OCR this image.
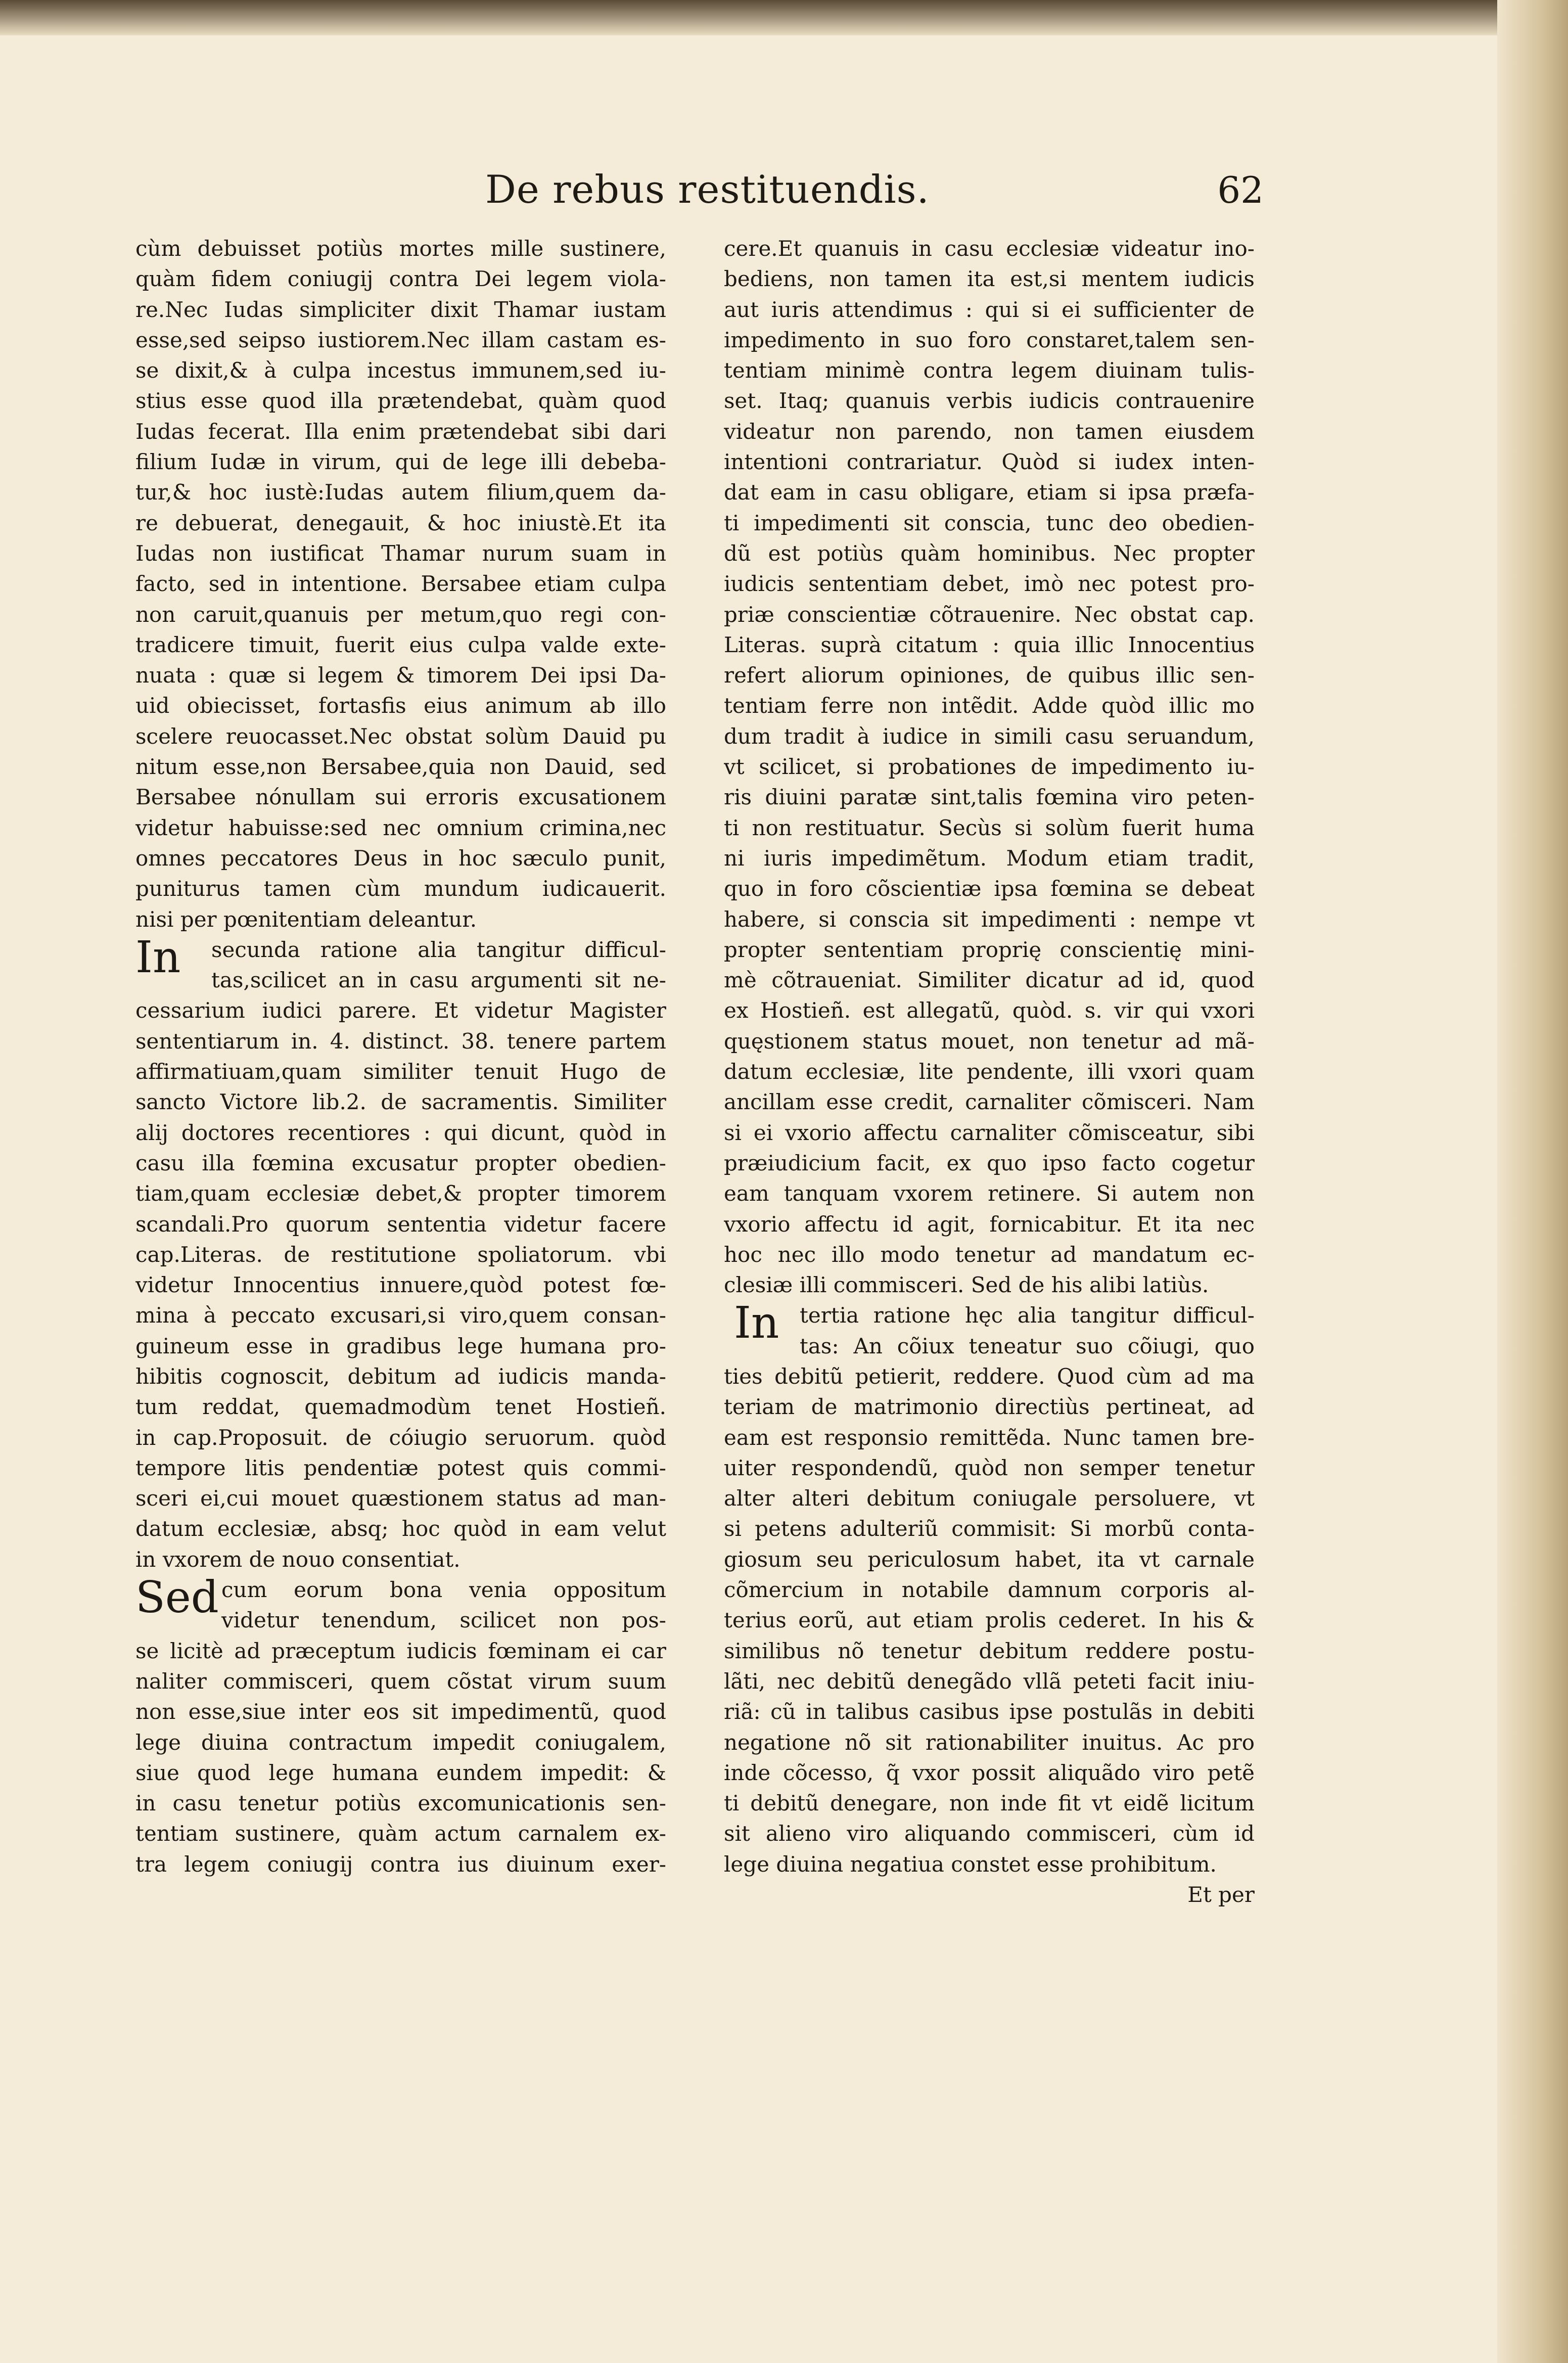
De rebus restituendis.	62
cùm debuisset potiùs mortes mille sustinere,
quàm fidem coniugij contra Dei legem viola-
re.Nec Iudas simpliciter dixit Thamar iustam
esse,sed seipso iustiorem.Nec illam castam es-
se dixit,& à culpa incestus immunem,sed iu-
stius esse quod illa prætendebat, quàm quod
Iudas fecerat. Illa enim prætendebat sibi dari
filium Iudæ in virum, qui de lege illi debeba-
tur,& hoc iustè:Iudas autem filium,quem da-
re debuerat, denegauit, & hoc iniustè.Et ita
Iudas non iustificat Thamar nurum suam in
facto, sed in intentione. Bersabee etiam culpa
non caruit,quanuis per metum,quo regi con-
tradicere timuit, fuerit eius culpa valde exte-
nuata : quæ si legem & timorem Dei ipsi Da-
uid obiecisset, fortasfis eius animum ab illo
scelere reuocasset.Nec obstat solùm Dauid pu
nitum esse,non Bersabee,quia non Dauid, sed
Bersabee nónullam sui erroris excusationem
videtur habuisse:sed nec omnium crimina,nec
omnes peccatores Deus in hoc sæculo punit,
puniturus tamen cùm mundum iudicauerit.
nisi per pœnitentiam deleantur.
In	secunda ratione alia tangitur difficul-
tas,scilicet an in casu argumenti sit ne-
cessarium iudici parere. Et videtur Magister
sententiarum in. 4. distinct. 38. tenere partem
affirmatiuam,quam similiter tenuit Hugo de
sancto Victore lib.2. de sacramentis. Similiter
alij doctores recentiores : qui dicunt, quòd in
casu illa fœmina excusatur propter obedien-
tiam,quam ecclesiæ debet,& propter timorem
scandali.Pro quorum sententia videtur facere
cap.Literas. de restitutione spoliatorum. vbi
videtur Innocentius innuere,quòd potest fœ-
mina à peccato excusari,si viro,quem consan-
guineum esse in gradibus lege humana pro-
hibitis cognoscit, debitum ad iudicis manda-
tum reddat, quemadmodùm tenet Hostieñ.
in cap.Proposuit. de cóiugio seruorum. quòd
tempore litis pendentiæ potest quis commi-
sceri ei,cui mouet quæstionem status ad man-
datum ecclesiæ, absq; hoc quòd in eam velut
in vxorem de nouo consentiat.
Sed cum eorum bona venia oppositum
videtur tenendum, scilicet non pos-
se licitè ad præceptum iudicis fœminam ei car
naliter commisceri, quem cõstat virum suum
non esse,siue inter eos sit impedimentũ, quod
lege diuina contractum impedit coniugalem,
siue quod lege humana eundem impedit: &
in casu tenetur potiùs excomunicationis sen-
tentiam sustinere, quàm actum carnalem ex-
tra legem coniugij contra ius diuinum exer-
cere.Et quanuis in casu ecclesiæ videatur ino-
bediens, non tamen ita est,si mentem iudicis
aut iuris attendimus : qui si ei sufficienter de
impedimento in suo foro constaret,talem sen-
tentiam minimè contra legem diuinam tulis-
set. Itaq; quanuis verbis iudicis contrauenire
videatur non parendo, non tamen eiusdem
intentioni contrariatur. Quòd si iudex inten-
dat eam in casu obligare, etiam si ipsa præfa-
ti impedimenti sit conscia, tunc deo obedien-
dũ est potiùs quàm hominibus. Nec propter
iudicis sententiam debet, imò nec potest pro-
priæ conscientiæ cõtrauenire. Nec obstat cap.
Literas. suprà citatum : quia illic Innocentius
refert aliorum opiniones, de quibus illic sen-
tentiam ferre non intẽdit. Adde quòd illic mo
dum tradit à iudice in simili casu seruandum,
vt scilicet, si probationes de impedimento iu-
ris diuini paratæ sint,talis fœmina viro peten-
ti non restituatur. Secùs si solùm fuerit huma
ni iuris impedimẽtum. Modum etiam tradit,
quo in foro cõscientiæ ipsa fœmina se debeat
habere, si conscia sit impedimenti : nempe vt
propter sententiam proprię conscientię mini-
mè cõtraueniat. Similiter dicatur ad id, quod
ex Hostieñ. est allegatũ, quòd. s. vir qui vxori
quęstionem status mouet, non tenetur ad mã-
datum ecclesiæ, lite pendente, illi vxori quam
ancillam esse credit, carnaliter cõmisceri. Nam
si ei vxorio affectu carnaliter cõmisceatur, sibi
præiudicium facit, ex quo ipso facto cogetur
eam tanquam vxorem retinere. Si autem non
vxorio affectu id agit, fornicabitur. Et ita nec
hoc nec illo modo tenetur ad mandatum ec-
clesiæ illi commisceri. Sed de his alibi latiùs.
In tertia ratione hęc alia tangitur difficul-
tas: An cõiux teneatur suo cõiugi, quo
ties debitũ petierit, reddere. Quod cùm ad ma
teriam de matrimonio directiùs pertineat, ad
eam est responsio remittẽda. Nunc tamen bre-
uiter respondendũ, quòd non semper tenetur
alter alteri debitum coniugale persoluere, vt
si petens adulteriũ commisit: Si morbũ conta-
giosum seu periculosum habet, ita vt carnale
cõmercium in notabile damnum corporis al-
terius eorũ, aut etiam prolis cederet. In his &
similibus nõ tenetur debitum reddere postu-
lãti, nec debitũ denegãdo vllã peteti facit iniu-
riã: cũ in talibus casibus ipse postulãs in debiti
negatione nõ sit rationabiliter inuitus. Ac pro
inde cõcesso, q̃ vxor possit aliquãdo viro petẽ
ti debitũ denegare, non inde fit vt eidẽ licitum
sit alieno viro aliquando commisceri, cùm id
lege diuina negatiua constet esse prohibitum.
Et per
